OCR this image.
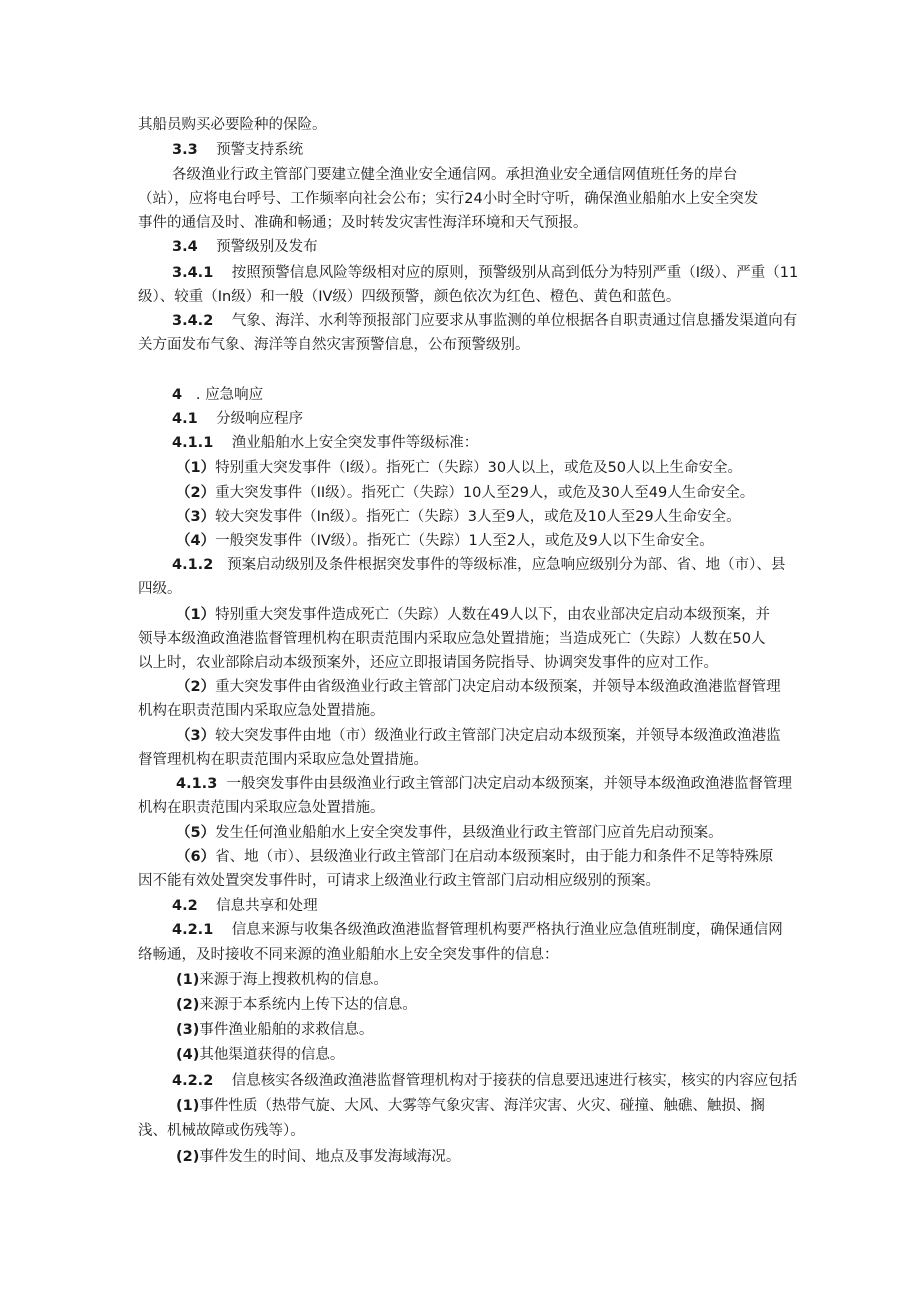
其船员购买必要险种的保险。
3.3 预警支持系统
各级渔业行政主管部门要建立健全渔业安全通信网。承担渔业安全通信网值班任务的岸台
（站），应将电台呼号、工作频率向社会公布；实行24小时全时守听，确保渔业船舶水上安全突发
事件的通信及时、准确和畅通；及时转发灾害性海洋环境和天气预报。
3.4 预警级别及发布
3.4.1 按照预警信息风险等级相对应的原则，预警级别从高到低分为特别严重（I级）、严重（11
级）、较重（In级）和一般（IV级）四级预警，颜色依次为红色、橙色、黄色和蓝色。
3.4.2 气象、海洋、水利等预报部门应要求从事监测的单位根据各自职责通过信息播发渠道向有
关方面发布气象、海洋等自然灾害预警信息，公布预警级别。
4 . 应急响应
4.1 分级响应程序
4.1.1 渔业船舶水上安全突发事件等级标准：
（1）特别重大突发事件（I级）。指死亡（失踪）30人以上，或危及50人以上生命安全。
（2）重大突发事件（II级）。指死亡（失踪）10人至29人，或危及30人至49人生命安全。
（3）较大突发事件（In级）。指死亡（失踪）3人至9人，或危及10人至29人生命安全。
（4）一般突发事件（IV级）。指死亡（失踪）1人至2人，或危及9人以下生命安全。
4.1.2 预案启动级别及条件根据突发事件的等级标准，应急响应级别分为部、省、地（市）、县
四级。
（1）特别重大突发事件造成死亡（失踪）人数在49人以下，由农业部决定启动本级预案，并
领导本级渔政渔港监督管理机构在职责范围内采取应急处置措施；当造成死亡（失踪）人数在50人
以上时，农业部除启动本级预案外，还应立即报请国务院指导、协调突发事件的应对工作。
（2）重大突发事件由省级渔业行政主管部门决定启动本级预案，并领导本级渔政渔港监督管理
机构在职责范围内采取应急处置措施。
（3）较大突发事件由地（市）级渔业行政主管部门决定启动本级预案，并领导本级渔政渔港监
督管理机构在职责范围内采取应急处置措施。
4.1.3 一般突发事件由县级渔业行政主管部门决定启动本级预案，并领导本级渔政渔港监督管理
机构在职责范围内采取应急处置措施。
（5）发生任何渔业船舶水上安全突发事件，县级渔业行政主管部门应首先启动预案。
（6）省、地（市）、县级渔业行政主管部门在启动本级预案时，由于能力和条件不足等特殊原
因不能有效处置突发事件时，可请求上级渔业行政主管部门启动相应级别的预案。
4.2 信息共享和处理
4.2.1 信息来源与收集各级渔政渔港监督管理机构要严格执行渔业应急值班制度，确保通信网
络畅通，及时接收不同来源的渔业船舶水上安全突发事件的信息：
(1)来源于海上搜救机构的信息。
(2)来源于本系统内上传下达的信息。
(3)事件渔业船舶的求救信息。
(4)其他渠道获得的信息。
4.2.2 信息核实各级渔政渔港监督管理机构对于接获的信息要迅速进行核实，核实的内容应包括
(1)事件性质（热带气旋、大风、大雾等气象灾害、海洋灾害、火灾、碰撞、触礁、触损、搁
浅、机械故障或伤残等）。
(2)事件发生的时间、地点及事发海域海况。
